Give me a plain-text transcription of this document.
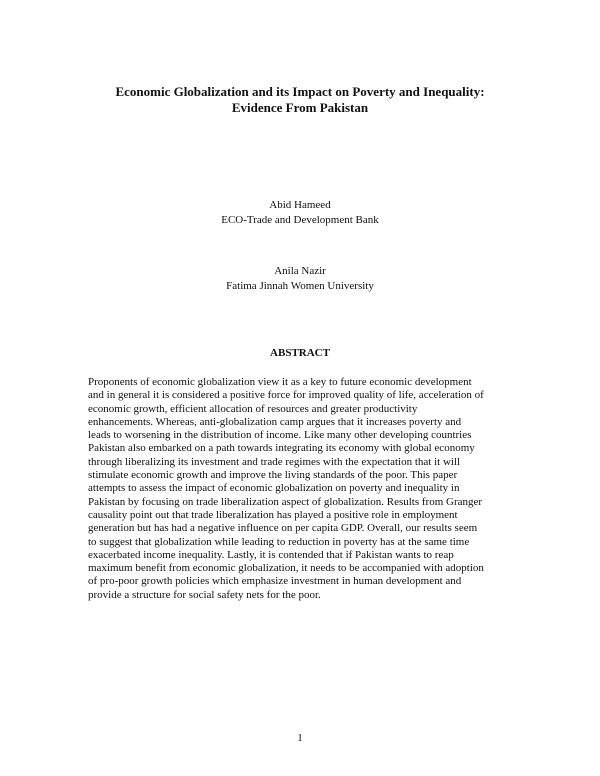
Economic Globalization and its Impact on Poverty and Inequality:
Evidence From Pakistan
Abid Hameed
ECO-Trade and Development Bank
Anila Nazir
Fatima Jinnah Women University
ABSTRACT
Proponents of economic globalization view it as a key to future economic development
and in general it is considered a positive force for improved quality of life, acceleration of
economic growth, efficient allocation of resources and greater productivity
enhancements. Whereas, anti-globalization camp argues that it increases poverty and
leads to worsening in the distribution of income. Like many other developing countries
Pakistan also embarked on a path towards integrating its economy with global economy
through liberalizing its investment and trade regimes with the expectation that it will
stimulate economic growth and improve the living standards of the poor. This paper
attempts to assess the impact of economic globalization on poverty and inequality in
Pakistan by focusing on trade liberalization aspect of globalization. Results from Granger
causality point out that trade liberalization has played a positive role in employment
generation but has had a negative influence on per capita GDP. Overall, our results seem
to suggest that globalization while leading to reduction in poverty has at the same time
exacerbated income inequality. Lastly, it is contended that if Pakistan wants to reap
maximum benefit from economic globalization, it needs to be accompanied with adoption
of pro-poor growth policies which emphasize investment in human development and
provide a structure for social safety nets for the poor.
1
